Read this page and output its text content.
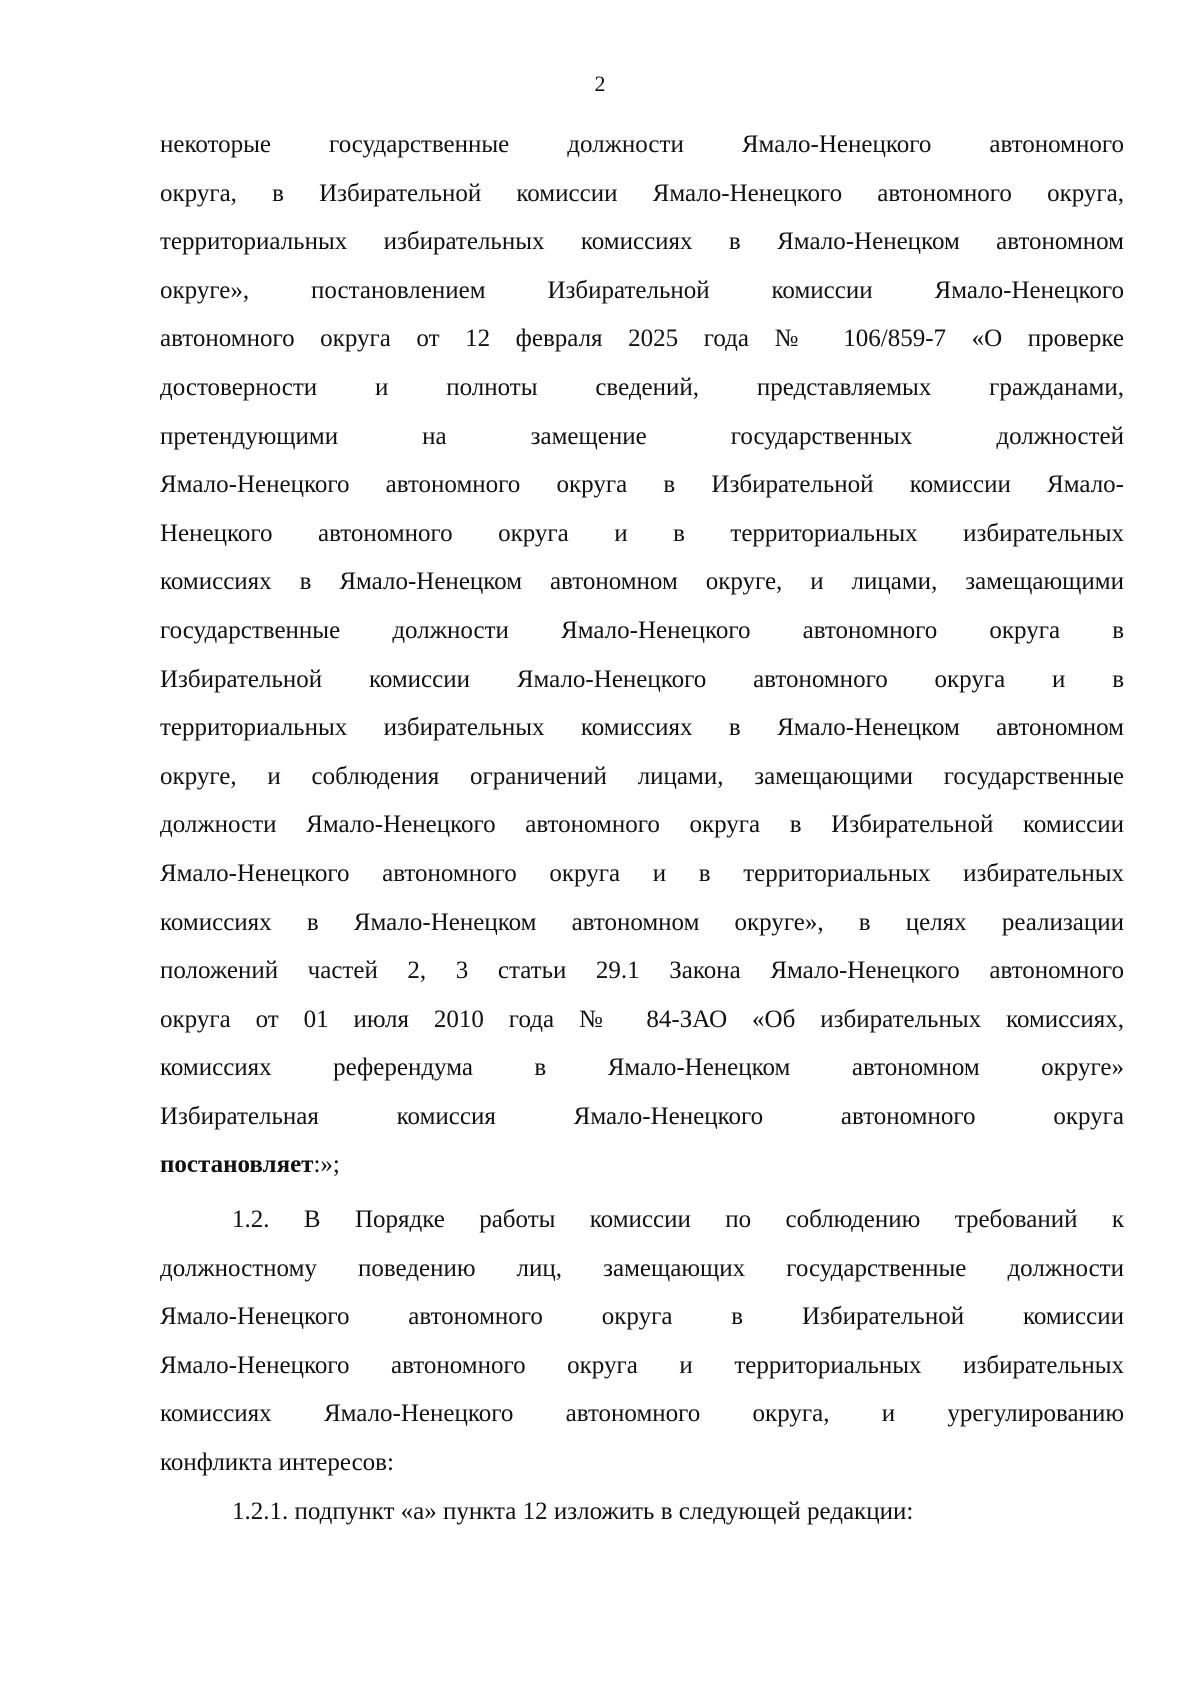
2
некоторые государственные должности Ямало-Ненецкого автономного
округа, в Избирательной комиссии Ямало-Ненецкого автономного округа,
территориальных избирательных комиссиях в Ямало-Ненецком автономном
округе», постановлением Избирательной комиссии Ямало-Ненецкого
автономного округа от 12 февраля 2025 года № 106/859-7 «О проверке
достоверности и полноты сведений, представляемых гражданами,
претендующими на замещение государственных должностей
Ямало-Ненецкого автономного округа в Избирательной комиссии Ямало-
Ненецкого автономного округа и в территориальных избирательных
комиссиях в Ямало-Ненецком автономном округе, и лицами, замещающими
государственные должности Ямало-Ненецкого автономного округа в
Избирательной комиссии Ямало-Ненецкого автономного округа и в
территориальных избирательных комиссиях в Ямало-Ненецком автономном
округе, и соблюдения ограничений лицами, замещающими государственные
должности Ямало-Ненецкого автономного округа в Избирательной комиссии
Ямало-Ненецкого автономного округа и в территориальных избирательных
комиссиях в Ямало-Ненецком автономном округе», в целях реализации
положений частей 2, 3 статьи 29.1 Закона Ямало-Ненецкого автономного
округа от 01 июля 2010 года № 84-ЗАО «Об избирательных комиссиях,
комиссиях референдума в Ямало-Ненецком автономном округе»
Избирательная комиссия Ямало-Ненецкого автономного округа
постановляет:»;
1.2. В Порядке работы комиссии по соблюдению требований к
должностному поведению лиц, замещающих государственные должности
Ямало-Ненецкого автономного округа в Избирательной комиссии
Ямало-Ненецкого автономного округа и территориальных избирательных
комиссиях Ямало-Ненецкого автономного округа, и урегулированию
конфликта интересов:
1.2.1. подпункт «а» пункта 12 изложить в следующей редакции:
